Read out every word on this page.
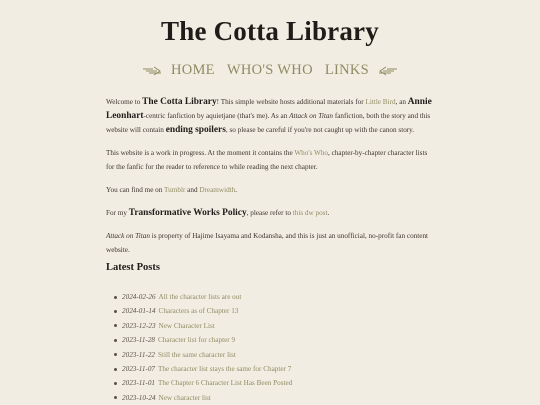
The Cotta Library
HOME WHO'S WHO LINKS

Welcome to The Cotta Library! This simple website hosts additional materials for Little Bird, an Annie Leonhart-centric fanfiction by aquietjane (that's me). As an Attack on Titan fanfiction, both the story and this website will contain ending spoilers, so please be careful if you're not caught up with the canon story.

This website is a work in progress. At the moment it contains the Who's Who, chapter-by-chapter character lists for the fanfic for the reader to reference to while reading the next chapter.

You can find me on Tumblr and Dreamwidth.

For my Transformative Works Policy, please refer to this dw post.

Attack on Titan is property of Hajime Isayama and Kodansha, and this is just an unofficial, no-profit fan content website.

Latest Posts
2024-02-26 All the character lists are out
2024-01-14 Characters as of Chapter 13
2023-12-23 New Character List
2023-11-28 Character list for chapter 9
2023-11-22 Still the same character list
2023-11-07 The character list stays the same for Chapter 7
2023-11-01 The Chapter 6 Character List Has Been Posted
2023-10-24 New character list
